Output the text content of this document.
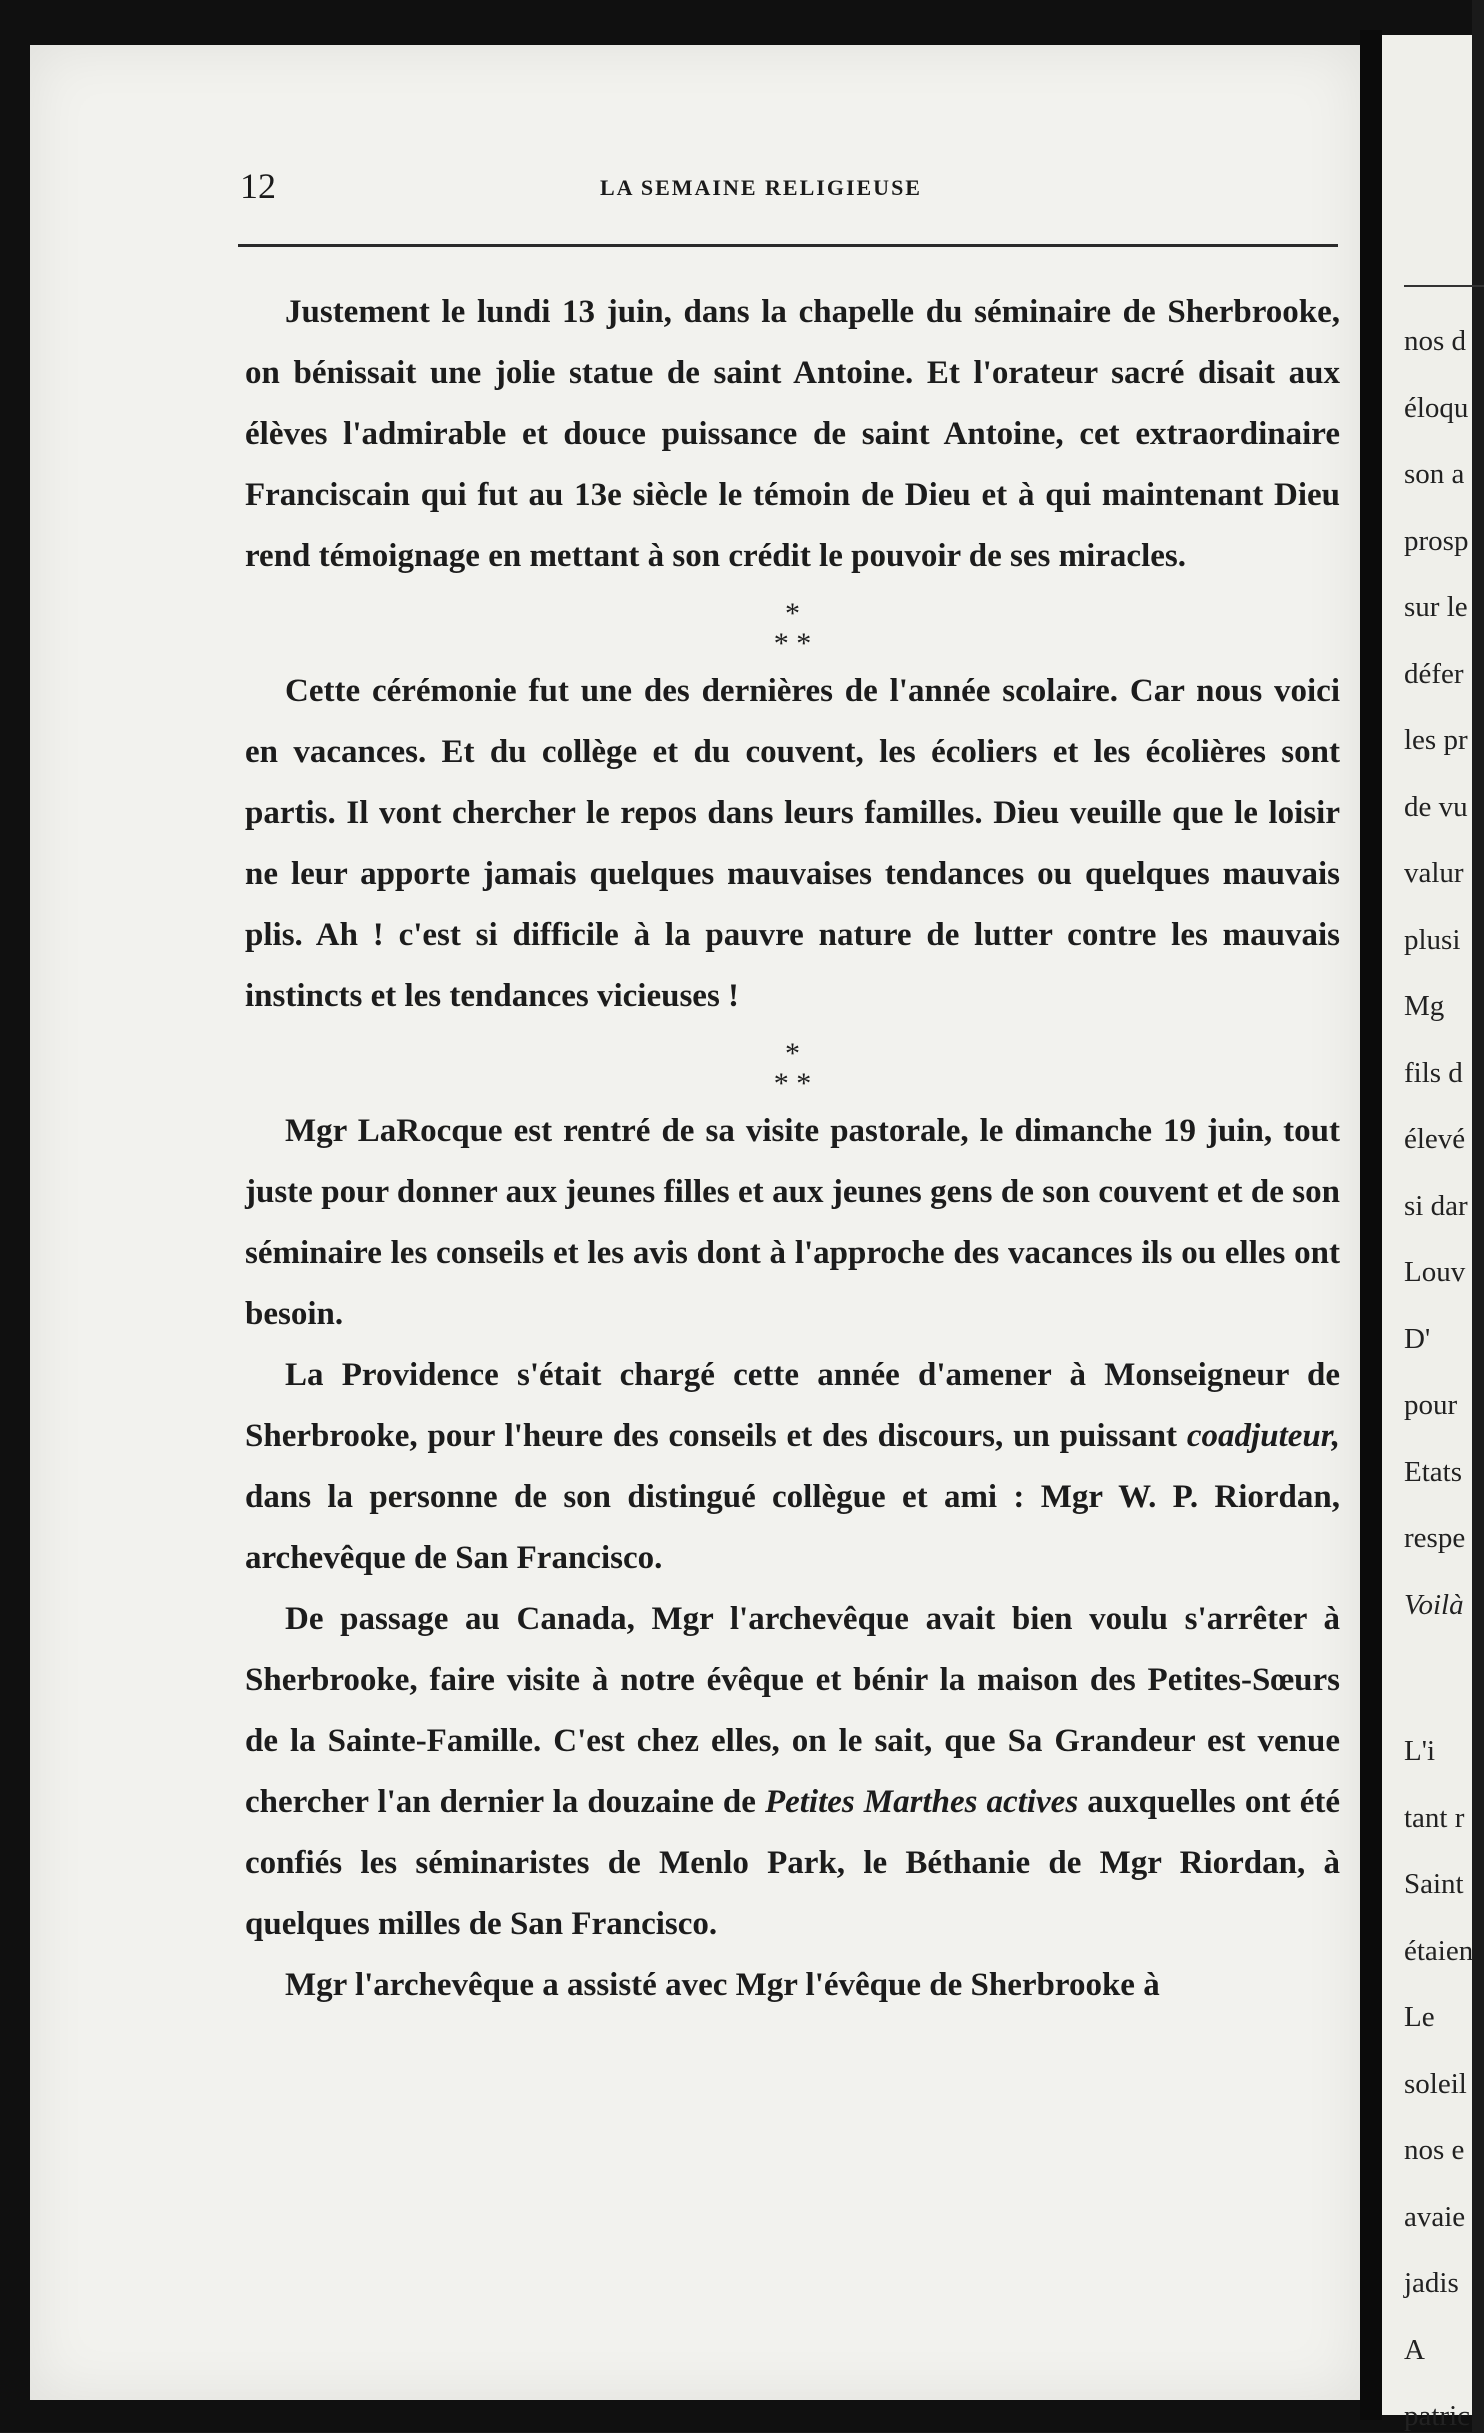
12	LA SEMAINE RELIGIEUSE

Justement le lundi 13 juin, dans la chapelle du séminaire de Sherbrooke, on bénissait une jolie statue de saint Antoine. Et l'orateur sacré disait aux élèves l'admirable et douce puissance de saint Antoine, cet extraordinaire Franciscain qui fut au 13e siècle le témoin de Dieu et à qui maintenant Dieu rend témoignage en mettant à son crédit le pouvoir de ses miracles.

*
* *

Cette cérémonie fut une des dernières de l'année scolaire. Car nous voici en vacances. Et du collège et du couvent, les écoliers et les écolières sont partis. Il vont chercher le repos dans leurs familles. Dieu veuille que le loisir ne leur apporte jamais quelques mauvaises tendances ou quelques mauvais plis. Ah ! c'est si difficile à la pauvre nature de lutter contre les mauvais instincts et les tendances vicieuses !

*
* *

Mgr LaRocque est rentré de sa visite pastorale, le dimanche 19 juin, tout juste pour donner aux jeunes filles et aux jeunes gens de son couvent et de son séminaire les conseils et les avis dont à l'approche des vacances ils ou elles ont besoin.

La Providence s'était chargé cette année d'amener à Monseigneur de Sherbrooke, pour l'heure des conseils et des discours, un puissant coadjuteur, dans la personne de son distingué collègue et ami : Mgr W. P. Riordan, archevêque de San Francisco.

De passage au Canada, Mgr l'archevêque avait bien voulu s'arrêter à Sherbrooke, faire visite à notre évêque et bénir la maison des Petites-Sœurs de la Sainte-Famille. C'est chez elles, on le sait, que Sa Grandeur est venue chercher l'an dernier la douzaine de Petites Marthes actives auxquelles ont été confiés les séminaristes de Menlo Park, le Béthanie de Mgr Riordan, à quelques milles de San Francisco.

Mgr l'archevêque a assisté avec Mgr l'évêque de Sherbrooke à

nos d
éloqu
son a
prosp
sur le
défer
les pr
de vu
valur
plusi
Mg
fils d
élevé
si dar
Louv
D'
pour
Etats
respe
Voilà
L'i
tant r
Saint
étaien
Le
soleil
nos e
avaie
jadis
A
patric
